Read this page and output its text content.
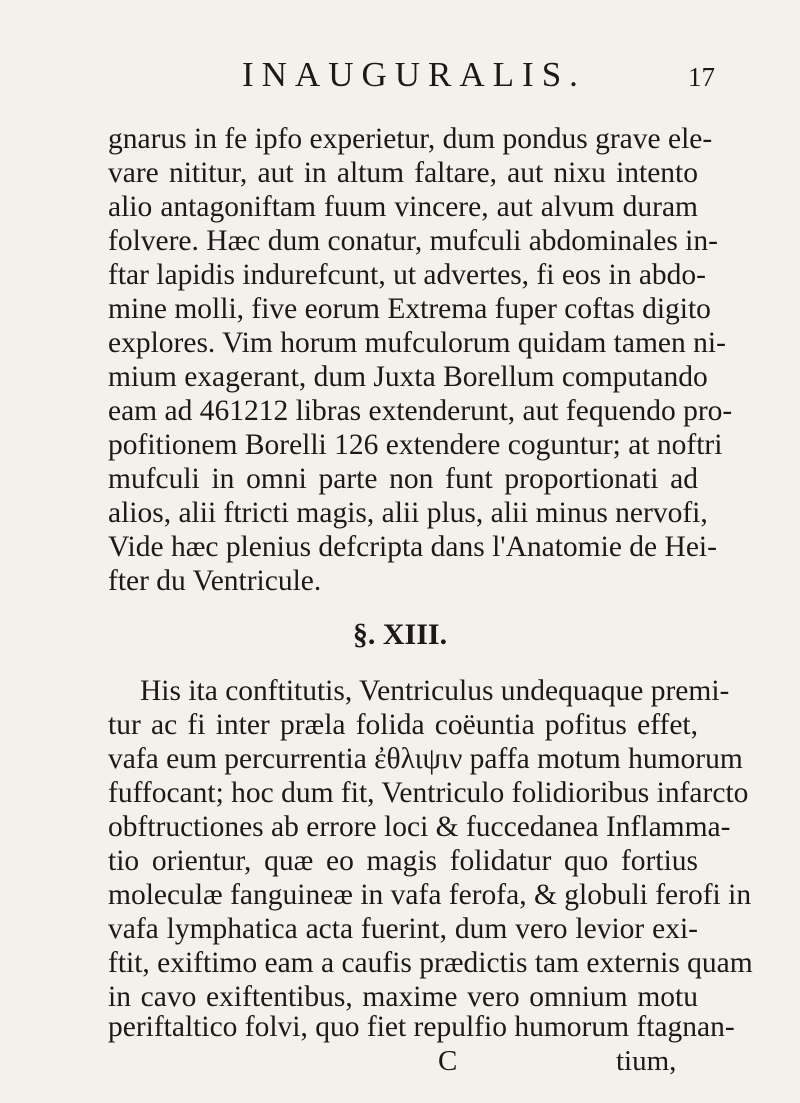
INAUGURALIS.	17
gnarus in fe ipfo experietur, dum pondus grave ele-
vare nititur, aut in altum faltare, aut nixu intento
alio antagoniftam fuum vincere, aut alvum duram
folvere. Hæc dum conatur, mufculi abdominales in-
ftar lapidis indurefcunt, ut advertes, fi eos in abdo-
mine molli, five eorum Extrema fuper coftas digito
explores. Vim horum mufculorum quidam tamen ni-
mium exagerant, dum Juxta Borellum computando
eam ad 461212 libras extenderunt, aut fequendo pro-
pofitionem Borelli 126 extendere coguntur; at noftri
mufculi in omni parte non funt proportionati ad
alios, alii ftricti magis, alii plus, alii minus nervofi,
Vide hæc plenius defcripta dans l'Anatomie de Hei-
fter du Ventricule.
§. XIII.
His ita conftitutis, Ventriculus undequaque premi-
tur ac fi inter præla folida coëuntia pofitus effet,
vafa eum percurrentia ἐθλιψιν paffa motum humorum
fuffocant; hoc dum fit, Ventriculo folidioribus infarcto
obftructiones ab errore loci & fuccedanea Inflamma-
tio orientur, quæ eo magis folidatur quo fortius
moleculæ fanguineæ in vafa ferofa, & globuli ferofi in
vafa lymphatica acta fuerint, dum vero levior exi-
ftit, exiftimo eam a caufis prædictis tam externis quam
in cavo exiftentibus, maxime vero omnium motu
periftaltico folvi, quo fiet repulfio humorum ftagnan-
C	tium,
